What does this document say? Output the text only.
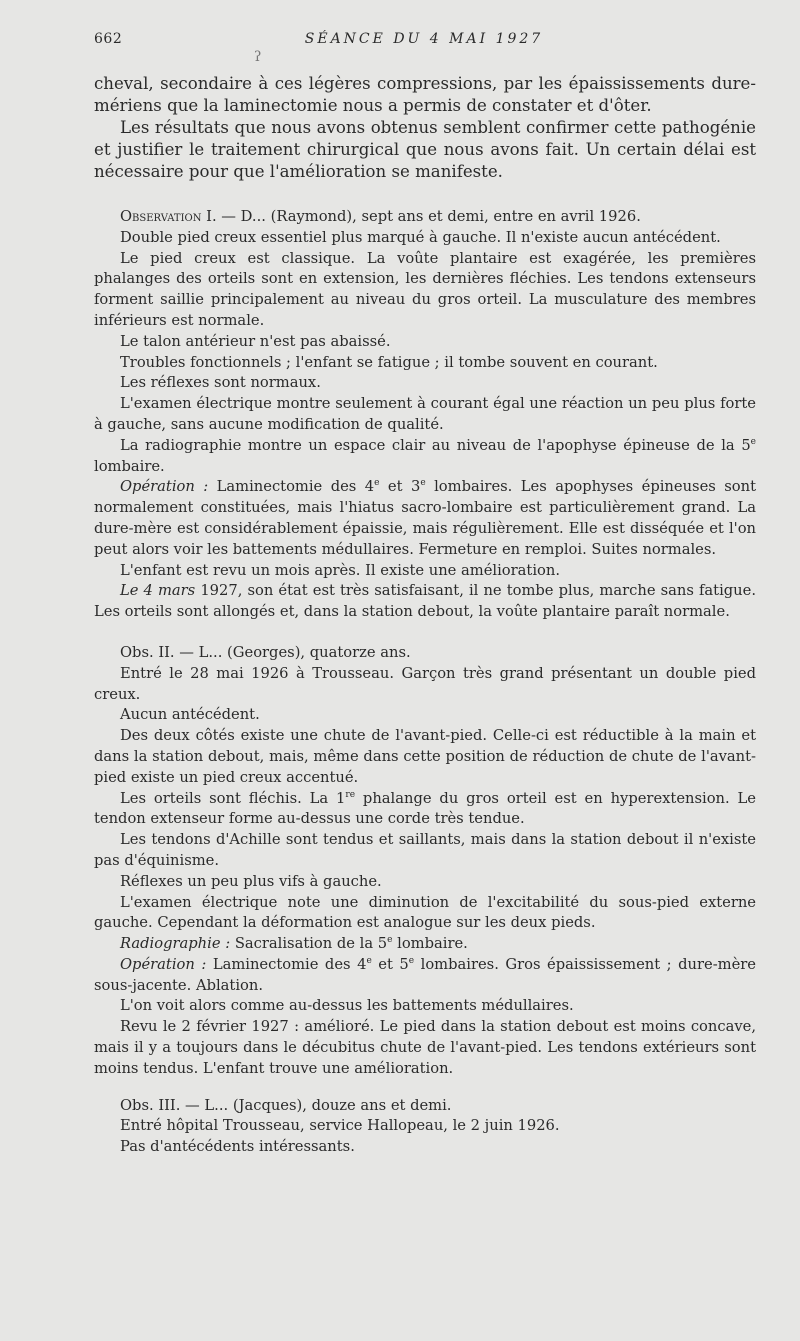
662	SÉANCE DU 4 MAI 1927
ʔ

cheval, secondaire à ces légères compressions, par les épaississements dure-mériens que la laminectomie nous a permis de constater et d'ôter.

Les résultats que nous avons obtenus semblent confirmer cette pathogénie et justifier le traitement chirurgical que nous avons fait. Un certain délai est nécessaire pour que l'amélioration se manifeste.

Observation I. — D... (Raymond), sept ans et demi, entre en avril 1926.

Double pied creux essentiel plus marqué à gauche. Il n'existe aucun antécédent.

Le pied creux est classique. La voûte plantaire est exagérée, les premières phalanges des orteils sont en extension, les dernières fléchies. Les tendons extenseurs forment saillie principalement au niveau du gros orteil. La musculature des membres inférieurs est normale.

Le talon antérieur n'est pas abaissé.

Troubles fonctionnels ; l'enfant se fatigue ; il tombe souvent en courant.

Les réflexes sont normaux.

L'examen électrique montre seulement à courant égal une réaction un peu plus forte à gauche, sans aucune modification de qualité.

La radiographie montre un espace clair au niveau de l'apophyse épineuse de la 5e lombaire.

Opération : Laminectomie des 4e et 3e lombaires. Les apophyses épineuses sont normalement constituées, mais l'hiatus sacro-lombaire est particulièrement grand. La dure-mère est considérablement épaissie, mais régulièrement. Elle est disséquée et l'on peut alors voir les battements médullaires. Fermeture en remploi. Suites normales.

L'enfant est revu un mois après. Il existe une amélioration.

Le 4 mars 1927, son état est très satisfaisant, il ne tombe plus, marche sans fatigue. Les orteils sont allongés et, dans la station debout, la voûte plantaire paraît normale.

Obs. II. — L... (Georges), quatorze ans.

Entré le 28 mai 1926 à Trousseau. Garçon très grand présentant un double pied creux.

Aucun antécédent.

Des deux côtés existe une chute de l'avant-pied. Celle-ci est réductible à la main et dans la station debout, mais, même dans cette position de réduction de chute de l'avant-pied existe un pied creux accentué.

Les orteils sont fléchis. La 1re phalange du gros orteil est en hyperextension. Le tendon extenseur forme au-dessus une corde très tendue.

Les tendons d'Achille sont tendus et saillants, mais dans la station debout il n'existe pas d'équinisme.

Réflexes un peu plus vifs à gauche.

L'examen électrique note une diminution de l'excitabilité du sous-pied externe gauche. Cependant la déformation est analogue sur les deux pieds.

Radiographie : Sacralisation de la 5e lombaire.

Opération : Laminectomie des 4e et 5e lombaires. Gros épaississement ; dure-mère sous-jacente. Ablation.

L'on voit alors comme au-dessus les battements médullaires.

Revu le 2 février 1927 : amélioré. Le pied dans la station debout est moins concave, mais il y a toujours dans le décubitus chute de l'avant-pied. Les tendons extérieurs sont moins tendus. L'enfant trouve une amélioration.

Obs. III. — L... (Jacques), douze ans et demi.

Entré hôpital Trousseau, service Hallopeau, le 2 juin 1926.

Pas d'antécédents intéressants.
